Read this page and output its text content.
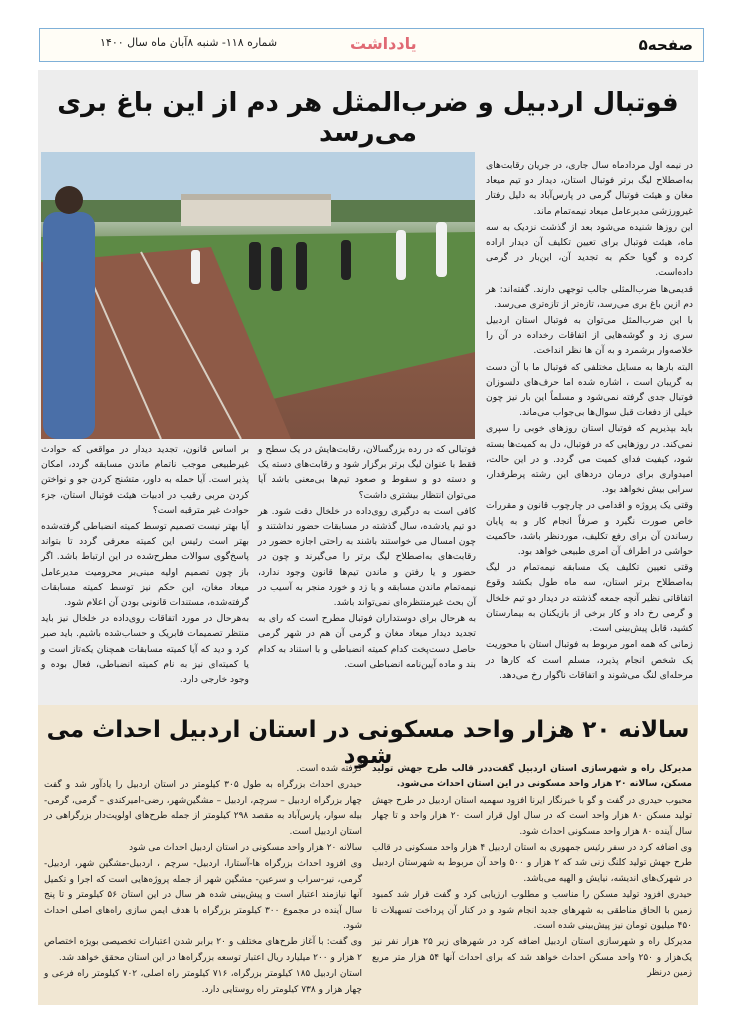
صفحه۵
یادداشت
شماره ۱۱۸- شنبه ۸آبان ماه سال ۱۴۰۰
فوتبال اردبیل و ضرب‌المثل هر دم از این باغ بری می‌رسد

در نیمه اول مردادماه سال جاری، در جریان رقابت‌های به‌اصطلاح لیگ برتر فوتبال استان، دیدار دو تیم میعاد مغان و هیئت فوتبال گرمی در پارس‌آباد به دلیل رفتار غیرورزشی مدیرعامل میعاد نیمه‌تمام ماند.

این روزها شنیده می‌شود بعد از گذشت نزدیک به سه ماه، هیئت فوتبال برای تعیین تکلیف آن دیدار اراده کرده و گویا حکم به تجدید آن، این‌بار در گرمی داده‌است.

قدیمی‌ها ضرب‌المثلی جالب توجهی دارند. گفته‌اند: هر دم ازین باغ بری می‌رسد، تازه‌تر از تازه‌تری می‌رسد.

با این ضرب‌المثل می‌توان به فوتبال استان اردبیل سری زد و گوشه‌هایی از اتفاقات رخداده در آن را خلاصه‌وار برشمرد و به آن ها نظر انداخت.

البته بارها به مسایل مختلفی که فوتبال ما با آن دست به گریبان است ، اشاره شده اما حرف‌های دلسوزان فوتبال جدی گرفته نمی‌شود و مسلماً این بار نیز چون خیلی از دفعات قبل سوال‌ها بی‌جواب می‌ماند.

باید بپذیریم که فوتبال استان روزهای خوبی را سپری نمی‌کند. در روزهایی که در فوتبال، دل به کمیت‌ها بسته شود، کیفیت فدای کمیت می گردد. و در این حالت، امیدواری برای درمان دردهای این رشته پرطرفدار، سرابی بیش نخواهد بود.

وقتی یک پروژه و اقدامی در چارچوب قانون و مقررات خاص صورت نگیرد و صرفاً انجام کار و به پایان رساندن آن برای رفع تکلیف، موردنظر باشد، حاکمیت حواشی در اطراف آن امری طبیعی خواهد بود.

وقتی تعیین تکلیف یک مسابقه نیمه‌تمام در لیگ به‌اصطلاح برتر استان، سه ماه طول بکشد وقوع اتفاقاتی نظیر آنچه جمعه گذشته در دیدار دو تیم خلخال و گرمی رخ داد و کار برخی از بازیکنان به بیمارستان کشید، قابل پیش‌بینی است.

زمانی که همه امور مربوط به فوتبال استان با محوریت یک شخص انجام پذیرد، مسلم است که کارها در مرحله‌ای لنگ می‌شوند و اتفاقات ناگوار رخ می‌دهد.

فوتبالی که در رده بزرگسالان، رقابت‌هایش در یک سطح و فقط با عنوان لیگ برتر برگزار شود و رقابت‌های دسته یک و دسته دو و سقوط و صعود تیم‌ها بی‌معنی باشد آیا می‌توان انتظار بیشتری داشت؟

کافی است به درگیری روی‌داده در خلخال دقت شود. هر دو تیم یادشده، سال گذشته در مسابقات حضور نداشتند و چون امسال می خواستند باشند به راحتی اجازه حضور در رقابت‌های به‌اصطلاح لیگ برتر را می‌گیرند و چون در حضور و یا رفتن و ماندن تیم‌ها قانون وجود ندارد، نیمه‌تمام ماندن مسابقه و یا زد و خورد منجر به آسیب در آن بحث غیرمنتظره‌ای نمی‌تواند باشد.

به هرحال برای دوستداران فوتبال مطرح است که رای به تجدید دیدار میعاد مغان و گرمی آن هم در شهر گرمی حاصل دست‌پخت کدام کمیته انضباطی و با استناد به کدام بند و ماده آیین‌نامه انضباطی است.

بر اساس قانون، تجدید دیدار در مواقعی که حوادث غیرطبیعی موجب ناتمام ماندن مسابقه گردد، امکان پذیر است. آیا حمله به داور، متشنج کردن جو و نواختن کردن مربی رقیب در ادبیات هیئت فوتبال استان، جزء حوادث غیر مترقبه است؟

آیا بهتر نیست تصمیم توسط کمیته انضباطی گرفته‌شده بهتر است رئیس این کمیته معرفی گردد تا بتواند پاسخ‌گوی سوالات مطرح‌شده در این ارتباط باشد. اگر باز چون تصمیم اولیه مبنی‌بر محرومیت مدیرعامل میعاد مغان، این حکم نیز توسط کمیته مسابقات گرفته‌شده، مستندات قانونی بودن آن اعلام شود.

به‌هرحال در مورد اتفاقات روی‌داده در خلخال نیز باید منتظر تصمیمات فابریک و حساب‌شده باشیم. باید صبر کرد و دید که آیا کمیته مسابقات همچنان یکه‌تاز است و یا کمیته‌ای نیز به نام کمیته انضباطی، فعال بوده و وجود خارجی دارد.

سالانه ۲۰ هزار واحد مسکونی در استان اردبیل احداث می شود

مدیرکل راه و شهرسازی استان اردبیل گفت‌ددر قالب طرح جهش تولید مسکن، سالانه ۲۰ هزار واحد مسکونی در این استان احداث می‌شود.

محبوب حیدری در گفت و گو با خبرنگار ایرنا افزود سهمیه استان اردبیل در طرح جهش تولید مسکن ۸۰ هزار واحد است که در سال اول قرار است ۲۰ هزار واحد و تا چهار سال آینده ۸۰ هزار واحد مسکونی احداث شود.

وی اضافه کرد در سفر رئیس جمهوری به استان اردبیل ۴ هزار واحد مسکونی در قالب طرح جهش تولید کلنگ زنی شد که ۲ هزار و ۵۰۰ واحد آن مربوط به شهرستان اردبیل در شهرک‌های اندیشه، نیایش و الهیه می‌باشد.

حیدری افزود تولید مسکن را مناسب و مطلوب ارزیابی کرد و گفت قرار شد کمبود زمین با الحاق مناطقی به شهرهای جدید انجام شود و در کنار آن پرداخت تسهیلات تا ۴۵۰ میلیون تومان نیز پیش‌بینی شده است.

مدیرکل راه و شهرسازی استان اردبیل اضافه کرد در شهرهای زیر ۲۵ هزار نفر نیز یک‌هزار و ۲۵۰ واحد مسکن احداث خواهد شد که برای احداث آنها ۵۴ هزار متر مربع زمین درنظر

گرفته شده است.

حیدری احداث بزرگراه به طول ۳۰۵ کیلومتر در استان اردبیل را یادآور شد و گفت چهار بزرگراه اردبیل – سرچم، اردبیل – مشگین‌شهر، رضی-امیرکندی – گرمی، گرمی-بیله سوار، پارس‌آباد به مقصد ۲۹۸ کیلومتر از جمله طرح‌های اولویت‌دار بزرگراهی در استان اردبیل است.

سالانه ۲۰ هزار واحد مسکونی در استان اردبیل احداث می شود

وی افزود احداث بزرگراه ها-آستارا، اردبیل- سرچم ، اردبیل-مشگین شهر، اردبیل-گرمی، نیر-سراب و سرعین- مشگین شهر از جمله پروژه‌هایی است که اجرا و تکمیل آنها نیازمند اعتبار است و پیش‌بینی شده هر سال در این استان ۵۶ کیلومتر و تا پنج سال آینده در مجموع ۳۰۰ کیلومتر بزرگراه با هدف ایمن سازی راه‌های اصلی احداث شود.

وی گفت: با آغاز طرح‌های مختلف و ۲۰ برابر شدن اعتبارات تخصیصی بویژه اختصاص ۲ هزار و ۲۰۰ میلیارد ریال اعتبار توسعه بزرگراه‌ها در این استان محقق خواهد شد.

استان اردبیل ۱۸۵ کیلومتر بزرگراه، ۷۱۶ کیلومتر راه اصلی، ۷۰۲ کیلومتر راه فرعی و چهار هزار و ۷۳۸ کیلومتر راه روستایی دارد.
